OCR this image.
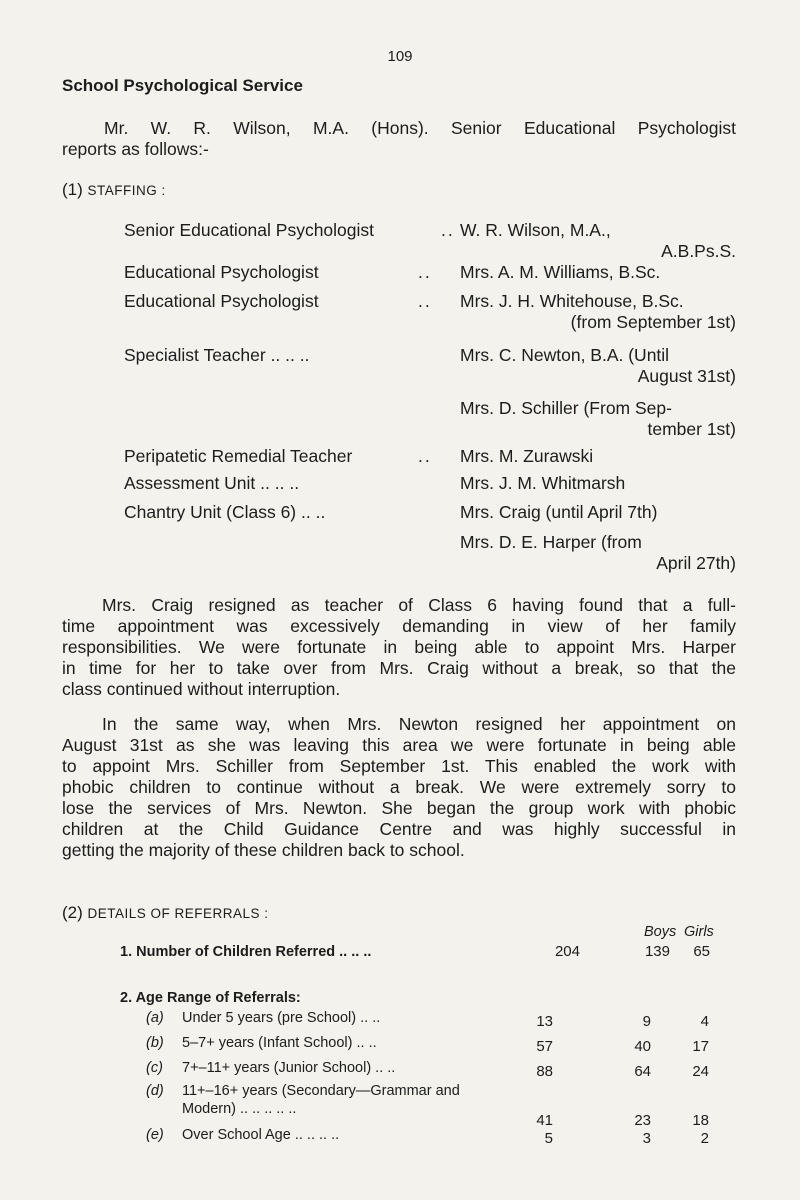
109
School Psychological Service
Mr. W. R. Wilson, M.A. (Hons). Senior Educational Psychologist
reports as follows:-
(1) STAFFING :
Senior Educational Psychologist	.. W. R. Wilson, M.A.,
A.B.Ps.S.
Educational Psychologist	.. Mrs. A. M. Williams, B.Sc.
Educational Psychologist	.. Mrs. J. H. Whitehouse, B.Sc.
(from September 1st)
Specialist Teacher .. .. ..	Mrs. C. Newton, B.A. (Until
August 31st)
Mrs. D. Schiller (From Sep-
tember 1st)
Peripatetic Remedial Teacher	.. Mrs. M. Zurawski
Assessment Unit .. .. ..	Mrs. J. M. Whitmarsh
Chantry Unit (Class 6) .. ..	Mrs. Craig (until April 7th)
Mrs. D. E. Harper (from
April 27th)
Mrs. Craig resigned as teacher of Class 6 having found that a full-
time appointment was excessively demanding in view of her family
responsibilities. We were fortunate in being able to appoint Mrs. Harper
in time for her to take over from Mrs. Craig without a break, so that the
class continued without interruption.
In the same way, when Mrs. Newton resigned her appointment on
August 31st as she was leaving this area we were fortunate in being able
to appoint Mrs. Schiller from September 1st. This enabled the work with
phobic children to continue without a break. We were extremely sorry to
lose the services of Mrs. Newton. She began the group work with phobic
children at the Child Guidance Centre and was highly successful in
getting the majority of these children back to school.
(2) DETAILS OF REFERRALS :
Boys Girls
1. Number of Children Referred .. .. ..	204	139	65
2. Age Range of Referrals:
(a) Under 5 years (pre School) .. ..	13	9	4
(b) 5–7+ years (Infant School) .. ..	57	40	17
(c) 7+–11+ years (Junior School) .. ..	88	64	24
(d) 11+–16+ years (Secondary—Grammar and
Modern) .. .. .. .. ..
41	23	18
(e) Over School Age .. .. .. ..	5	3	2
